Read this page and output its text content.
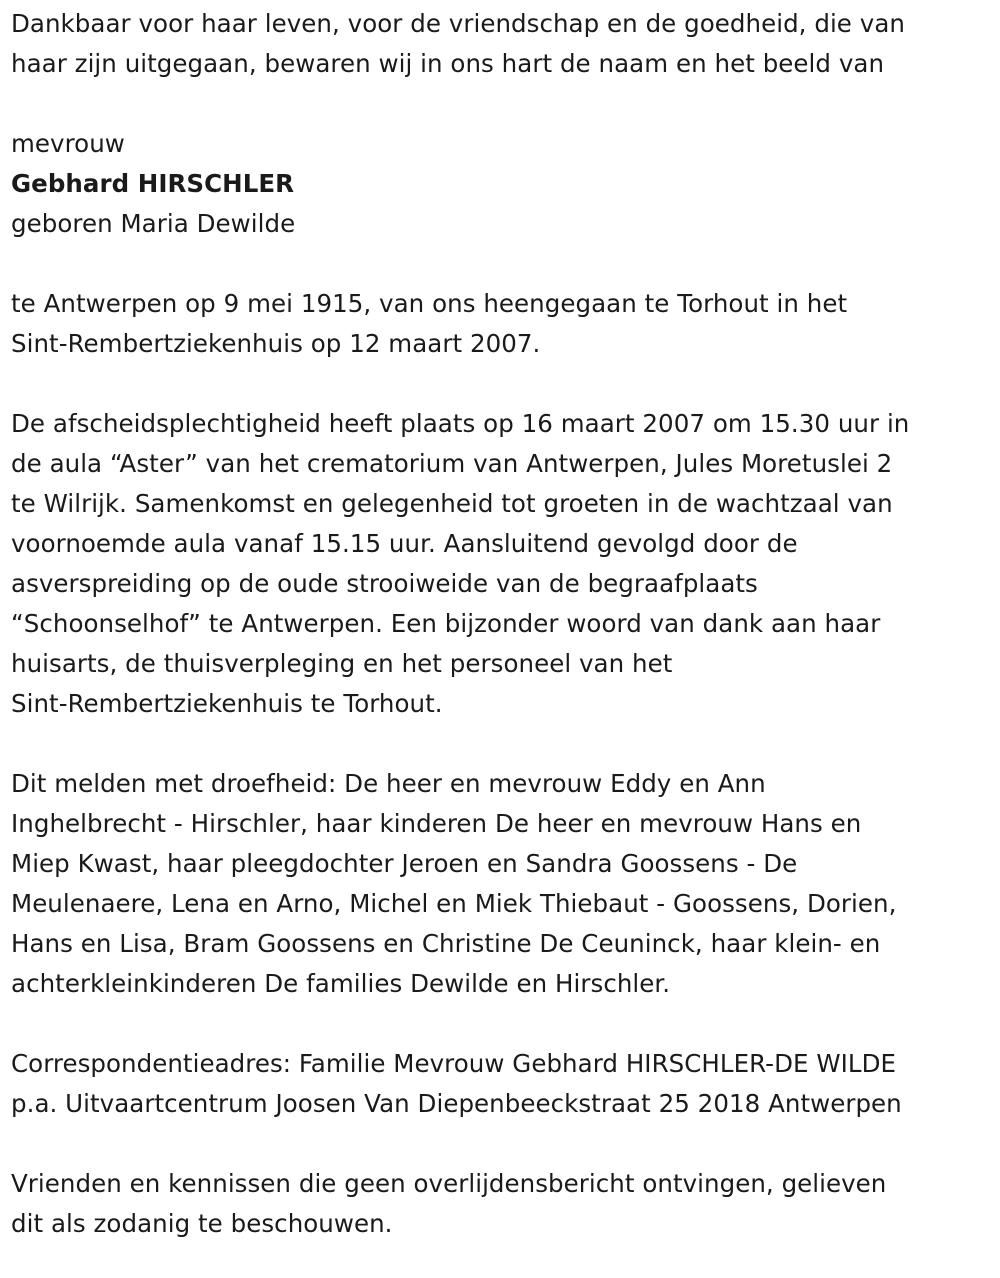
Dankbaar voor haar leven, voor de vriendschap en de goedheid, die van
haar zijn uitgegaan, bewaren wij in ons hart de naam en het beeld van
mevrouw
Gebhard HIRSCHLER
geboren Maria Dewilde
te Antwerpen op 9 mei 1915, van ons heengegaan te Torhout in het
Sint-Rembertziekenhuis op 12 maart 2007.
De afscheidsplechtigheid heeft plaats op 16 maart 2007 om 15.30 uur in
de aula “Aster” van het crematorium van Antwerpen, Jules Moretuslei 2
te Wilrijk. Samenkomst en gelegenheid tot groeten in de wachtzaal van
voornoemde aula vanaf 15.15 uur. Aansluitend gevolgd door de
asverspreiding op de oude strooiweide van de begraafplaats
“Schoonselhof” te Antwerpen. Een bijzonder woord van dank aan haar
huisarts, de thuisverpleging en het personeel van het
Sint-Rembertziekenhuis te Torhout.
Dit melden met droefheid: De heer en mevrouw Eddy en Ann
Inghelbrecht - Hirschler, haar kinderen De heer en mevrouw Hans en
Miep Kwast, haar pleegdochter Jeroen en Sandra Goossens - De
Meulenaere, Lena en Arno, Michel en Miek Thiebaut - Goossens, Dorien,
Hans en Lisa, Bram Goossens en Christine De Ceuninck, haar klein- en
achterkleinkinderen De families Dewilde en Hirschler.
Correspondentieadres: Familie Mevrouw Gebhard HIRSCHLER-DE WILDE
p.a. Uitvaartcentrum Joosen Van Diepenbeeckstraat 25 2018 Antwerpen
Vrienden en kennissen die geen overlijdensbericht ontvingen, gelieven
dit als zodanig te beschouwen.
